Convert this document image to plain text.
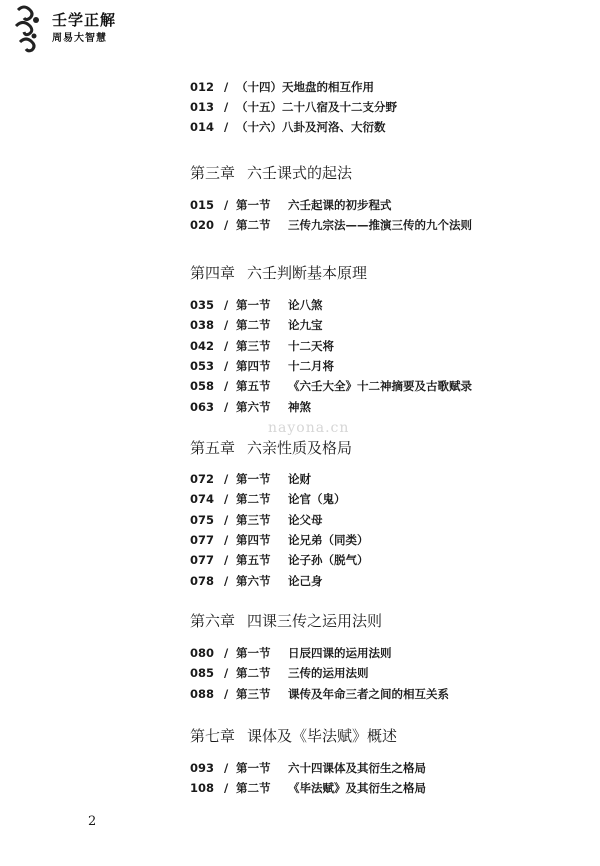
壬学正解
周易大智慧
012 / （十四）天地盘的相互作用
013 / （十五）二十八宿及十二支分野
014 / （十六）八卦及河洛、大衍数
第三章 六壬课式的起法
015 / 第一节 六壬起课的初步程式
020 / 第二节 三传九宗法——推演三传的九个法则
第四章 六壬判断基本原理
035 / 第一节 论八煞
038 / 第二节 论九宝
042 / 第三节 十二天将
053 / 第四节 十二月将
058 / 第五节 《六壬大全》十二神摘要及古歌赋录
063 / 第六节 神煞
第五章 六亲性质及格局
072 / 第一节 论财
074 / 第二节 论官（鬼）
075 / 第三节 论父母
077 / 第四节 论兄弟（同类）
077 / 第五节 论子孙（脱气）
078 / 第六节 论己身
第六章 四课三传之运用法则
080 / 第一节 日辰四课的运用法则
085 / 第二节 三传的运用法则
088 / 第三节 课传及年命三者之间的相互关系
第七章 课体及《毕法赋》概述
093 / 第一节 六十四课体及其衍生之格局
108 / 第二节 《毕法赋》及其衍生之格局
nayona.cn
2
